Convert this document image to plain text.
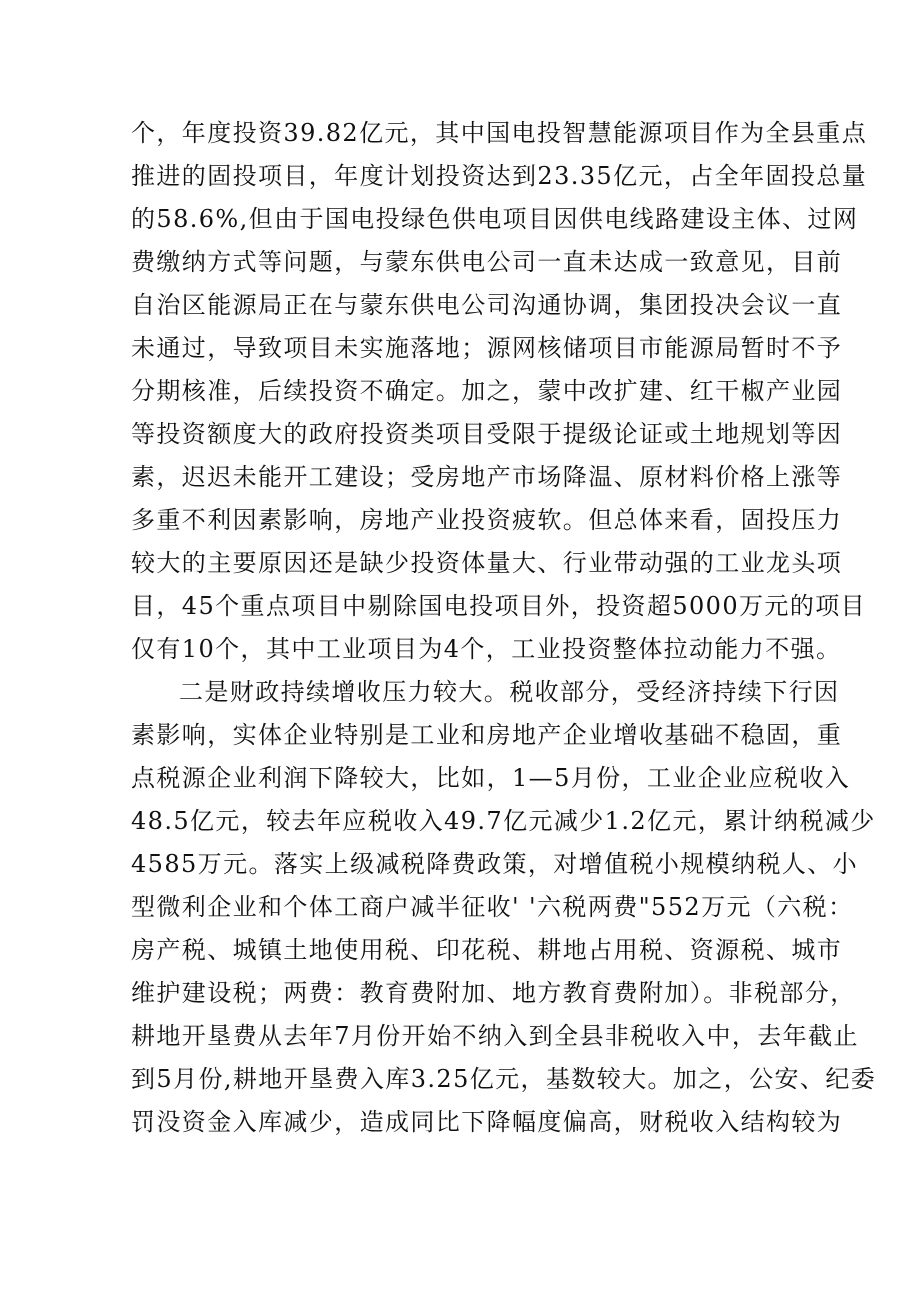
个，年度投资39.82亿元，其中国电投智慧能源项目作为全县重点
推进的固投项目，年度计划投资达到23.35亿元，占全年固投总量
的58.6%,但由于国电投绿色供电项目因供电线路建设主体、过网
费缴纳方式等问题，与蒙东供电公司一直未达成一致意见，目前
自治区能源局正在与蒙东供电公司沟通协调，集团投决会议一直
未通过，导致项目未实施落地；源网核储项目市能源局暂时不予
分期核准，后续投资不确定。加之，蒙中改扩建、红干椒产业园
等投资额度大的政府投资类项目受限于提级论证或土地规划等因
素，迟迟未能开工建设；受房地产市场降温、原材料价格上涨等
多重不利因素影响，房地产业投资疲软。但总体来看，固投压力
较大的主要原因还是缺少投资体量大、行业带动强的工业龙头项
目，45个重点项目中剔除国电投项目外，投资超5000万元的项目
仅有10个，其中工业项目为4个，工业投资整体拉动能力不强。
二是财政持续增收压力较大。税收部分，受经济持续下行因
素影响，实体企业特别是工业和房地产企业增收基础不稳固，重
点税源企业利润下降较大，比如，1—5月份，工业企业应税收入
48.5亿元，较去年应税收入49.7亿元减少1.2亿元，累计纳税减少
4585万元。落实上级减税降费政策，对增值税小规模纳税人、小
型微利企业和个体工商户减半征收' '六税两费"552万元（六税：
房产税、城镇土地使用税、印花税、耕地占用税、资源税、城市
维护建设税；两费：教育费附加、地方教育费附加）。非税部分，
耕地开垦费从去年7月份开始不纳入到全县非税收入中，去年截止
到5月份,耕地开垦费入库3.25亿元，基数较大。加之，公安、纪委
罚没资金入库减少，造成同比下降幅度偏高，财税收入结构较为
